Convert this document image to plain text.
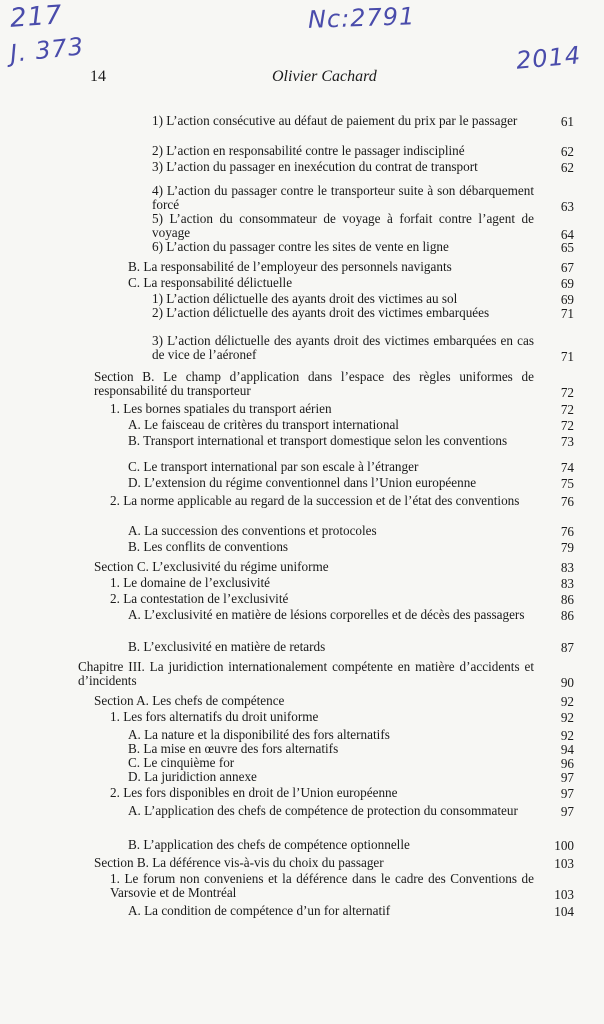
217
J. 373
Nc:2791
2014
14	Olivier Cachard
1) L’action consécutive au défaut de paiement du prix par le passager	61
2) L’action en responsabilité contre le passager indiscipliné	62
3) L’action du passager en inexécution du contrat de transport	62
4) L’action du passager contre le transporteur suite à son débarquement forcé	63
5) L’action du consommateur de voyage à forfait contre l’agent de voyage	64
6) L’action du passager contre les sites de vente en ligne	65
B. La responsabilité de l’employeur des personnels navigants	67
C. La responsabilité délictuelle	69
1) L’action délictuelle des ayants droit des victimes au sol	69
2) L’action délictuelle des ayants droit des victimes embarquées	71
3) L’action délictuelle des ayants droit des victimes embarquées en cas de vice de l’aéronef	71
Section B. Le champ d’application dans l’espace des règles uniformes de responsabilité du transporteur	72
1. Les bornes spatiales du transport aérien	72
A. Le faisceau de critères du transport international	72
B. Transport international et transport domestique selon les conventions	73
C. Le transport international par son escale à l’étranger	74
D. L’extension du régime conventionnel dans l’Union européenne	75
2. La norme applicable au regard de la succession et de l’état des conventions	76
A. La succession des conventions et protocoles	76
B. Les conflits de conventions	79
Section C. L’exclusivité du régime uniforme	83
1. Le domaine de l’exclusivité	83
2. La contestation de l’exclusivité	86
A. L’exclusivité en matière de lésions corporelles et de décès des passagers	86
B. L’exclusivité en matière de retards	87
Chapitre III. La juridiction internationalement compétente en matière d’accidents et d’incidents	90
Section A. Les chefs de compétence	92
1. Les fors alternatifs du droit uniforme	92
A. La nature et la disponibilité des fors alternatifs	92
B. La mise en œuvre des fors alternatifs	94
C. Le cinquième for	96
D. La juridiction annexe	97
2. Les fors disponibles en droit de l’Union européenne	97
A. L’application des chefs de compétence de protection du consommateur	97
B. L’application des chefs de compétence optionnelle	100
Section B. La déférence vis-à-vis du choix du passager	103
1. Le forum non conveniens et la déférence dans le cadre des Conventions de Varsovie et de Montréal	103
A. La condition de compétence d’un for alternatif	104
